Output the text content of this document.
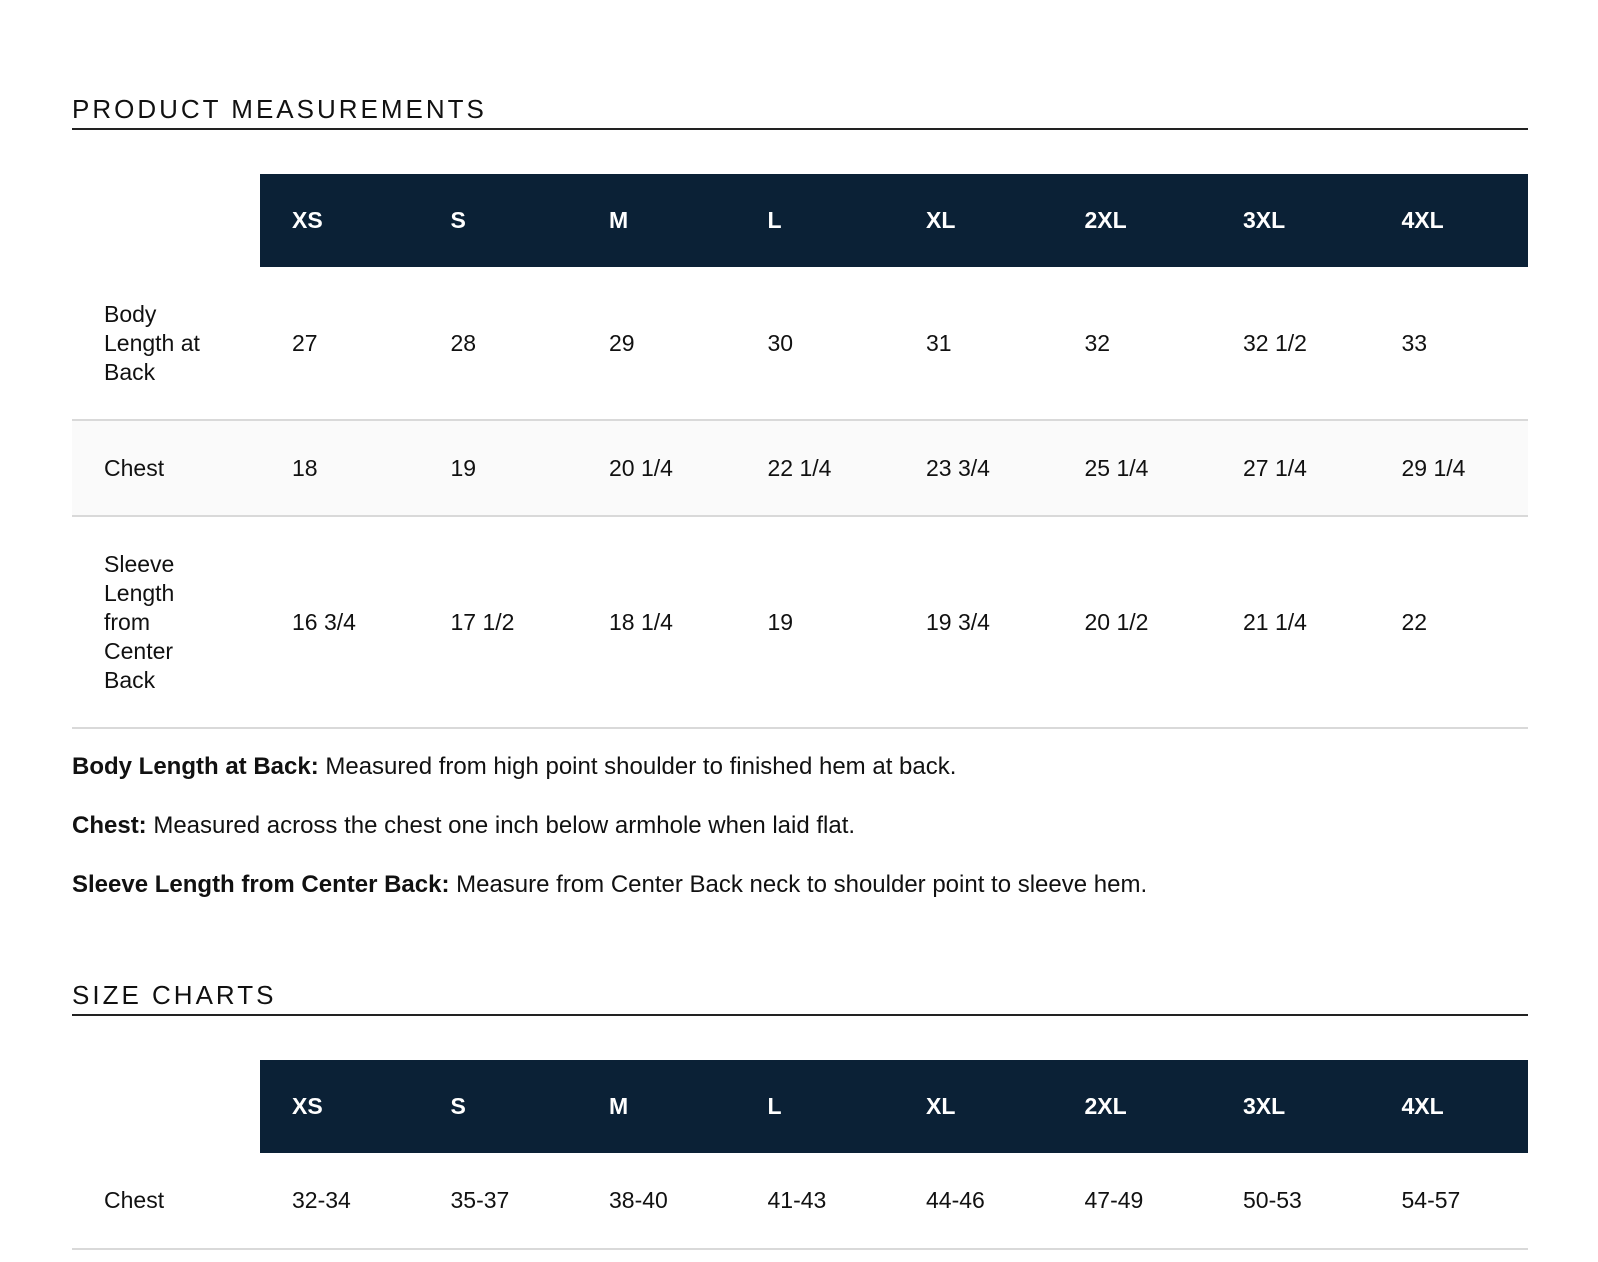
PRODUCT MEASUREMENTS
	XS	S	M	L	XL	2XL	3XL	4XL

Body Length at Back	27	28	29	30	31	32	32 1/2	33

Chest	18	19	20 1/4	22 1/4	23 3/4	25 1/4	27 1/4	29 1/4

Sleeve Length from Center Back	16 3/4	17 1/2	18 1/4	19	19 3/4	20 1/2	21 1/4	22

Body Length at Back: Measured from high point shoulder to finished hem at back.

Chest: Measured across the chest one inch below armhole when laid flat.

Sleeve Length from Center Back: Measure from Center Back neck to shoulder point to sleeve hem.

SIZE CHARTS
	XS	S	M	L	XL	2XL	3XL	4XL

Chest	32-34	35-37	38-40	41-43	44-46	47-49	50-53	54-57
